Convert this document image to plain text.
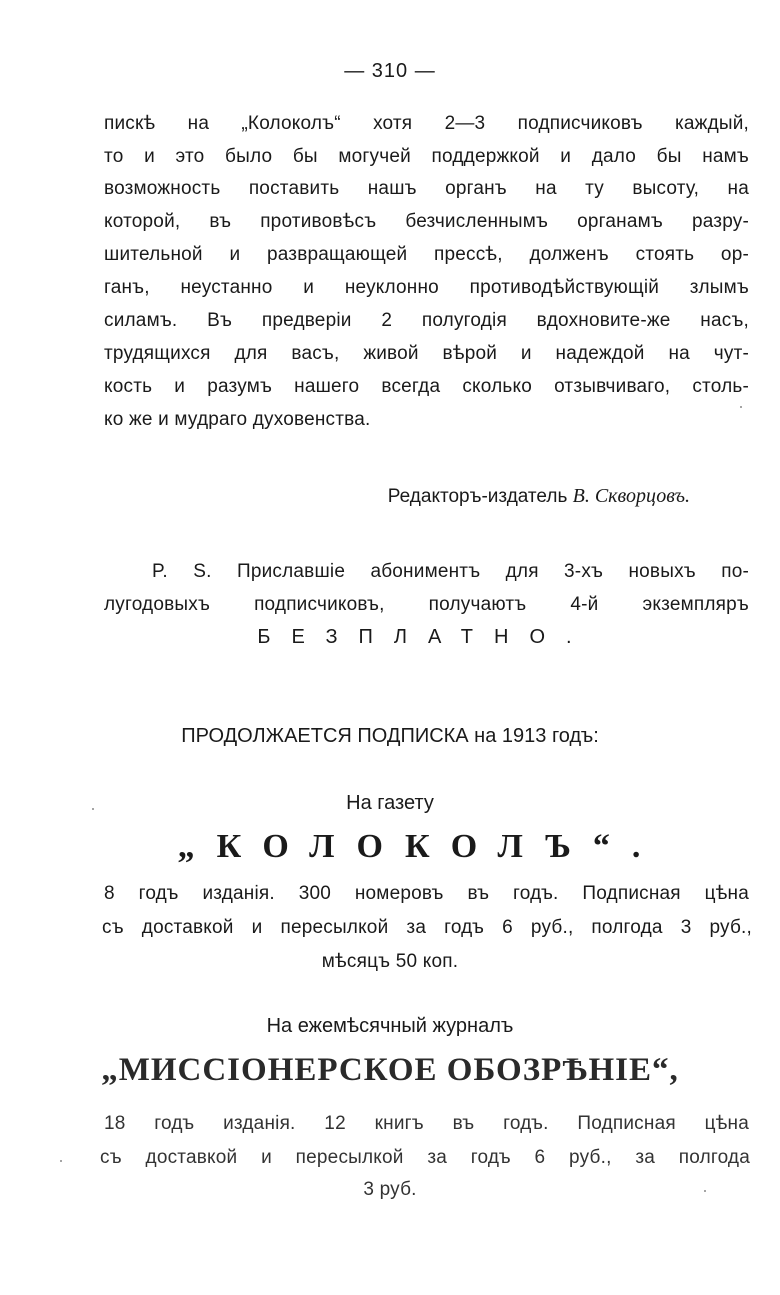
— 310 —
пискѣ на „Колоколъ“ хотя 2—3 подписчиковъ каждый,
то и это было бы могучей поддержкой и дало бы намъ
возможность поставить нашъ органъ на ту высоту, на
которой, въ противовѣсъ безчисленнымъ органамъ разру-
шительной и развращающей прессѣ, долженъ стоять ор-
ганъ, неустанно и неуклонно противодѣйствующій злымъ
силамъ. Въ предверіи 2 полугодія вдохновите-же насъ,
трудящихся для васъ, живой вѣрой и надеждой на чут-
кость и разумъ нашего всегда сколько отзывчиваго, столь-
ко же и мудраго духовенства.
Редакторъ-издатель В. Скворцовъ.
P. S. Приславшіе абониментъ для 3-хъ новыхъ по-
лугодовыхъ подписчиковъ, получаютъ 4-й экземпляръ
БЕЗПЛАТНО.
ПРОДОЛЖАЕТСЯ ПОДПИСКА на 1913 годъ:
На газету
„КОЛОКОЛЪ“.
8 годъ изданія. 300 номеровъ въ годъ. Подписная цѣна
съ доставкой и пересылкой за годъ 6 руб., полгода 3 руб.,
мѣсяцъ 50 коп.
На ежемѣсячный журналъ
„МИССІОНЕРСКОЕ ОБОЗРѢНІЕ“,
18 годъ изданія. 12 книгъ въ годъ. Подписная цѣна
съ доставкой и пересылкой за годъ 6 руб., за полгода
3 руб.
